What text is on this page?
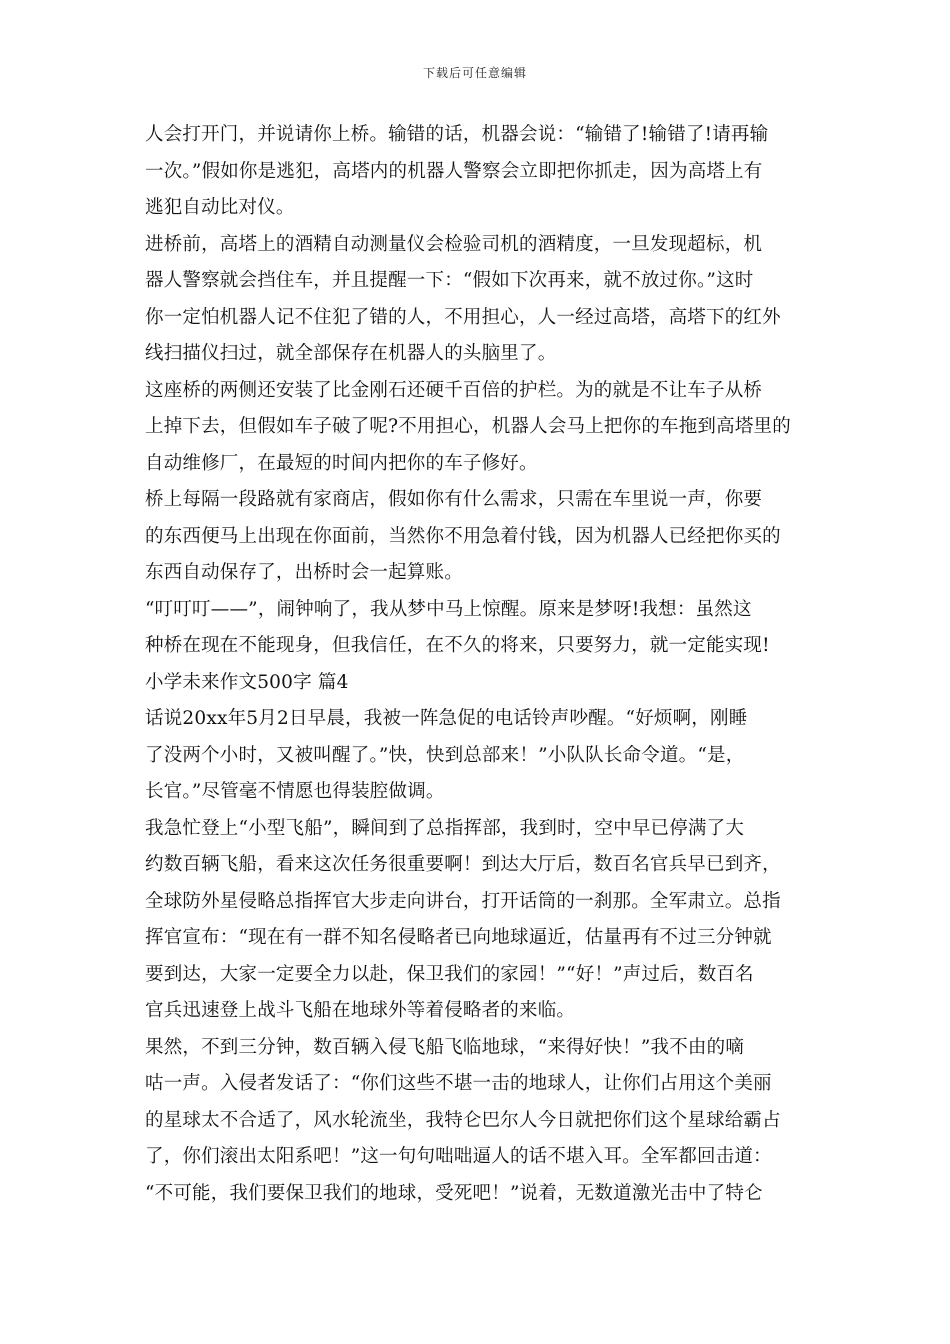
下载后可任意编辑
人会打开门，并说请你上桥。输错的话，机器会说：“输错了!输错了!请再输
一次。”假如你是逃犯，高塔内的机器人警察会立即把你抓走，因为高塔上有
逃犯自动比对仪。
进桥前，高塔上的酒精自动测量仪会检验司机的酒精度，一旦发现超标，机
器人警察就会挡住车，并且提醒一下：“假如下次再来，就不放过你。”这时
你一定怕机器人记不住犯了错的人，不用担心，人一经过高塔，高塔下的红外
线扫描仪扫过，就全部保存在机器人的头脑里了。
这座桥的两侧还安装了比金刚石还硬千百倍的护栏。为的就是不让车子从桥
上掉下去，但假如车子破了呢?不用担心，机器人会马上把你的车拖到高塔里的
自动维修厂，在最短的时间内把你的车子修好。
桥上每隔一段路就有家商店，假如你有什么需求，只需在车里说一声，你要
的东西便马上出现在你面前，当然你不用急着付钱，因为机器人已经把你买的
东西自动保存了，出桥时会一起算账。
“叮叮叮——”，闹钟响了，我从梦中马上惊醒。原来是梦呀!我想：虽然这
种桥在现在不能现身，但我信任，在不久的将来，只要努力，就一定能实现!
小学未来作文500字 篇4
话说20xx年5月2日早晨，我被一阵急促的电话铃声吵醒。“好烦啊，刚睡
了没两个小时，又被叫醒了。”快，快到总部来！”小队队长命令道。“是，
长官。”尽管毫不情愿也得装腔做调。
我急忙登上“小型飞船”，瞬间到了总指挥部，我到时，空中早已停满了大
约数百辆飞船，看来这次任务很重要啊！到达大厅后，数百名官兵早已到齐，
全球防外星侵略总指挥官大步走向讲台，打开话筒的一刹那。全军肃立。总指
挥官宣布：“现在有一群不知名侵略者已向地球逼近，估量再有不过三分钟就
要到达，大家一定要全力以赴，保卫我们的家园！”“好！”声过后，数百名
官兵迅速登上战斗飞船在地球外等着侵略者的来临。
果然，不到三分钟，数百辆入侵飞船飞临地球，“来得好快！”我不由的嘀
咕一声。入侵者发话了：“你们这些不堪一击的地球人，让你们占用这个美丽
的星球太不合适了，风水轮流坐，我特仑巴尔人今日就把你们这个星球给霸占
了，你们滚出太阳系吧！”这一句句咄咄逼人的话不堪入耳。全军都回击道：
“不可能，我们要保卫我们的地球，受死吧！”说着，无数道激光击中了特仑
